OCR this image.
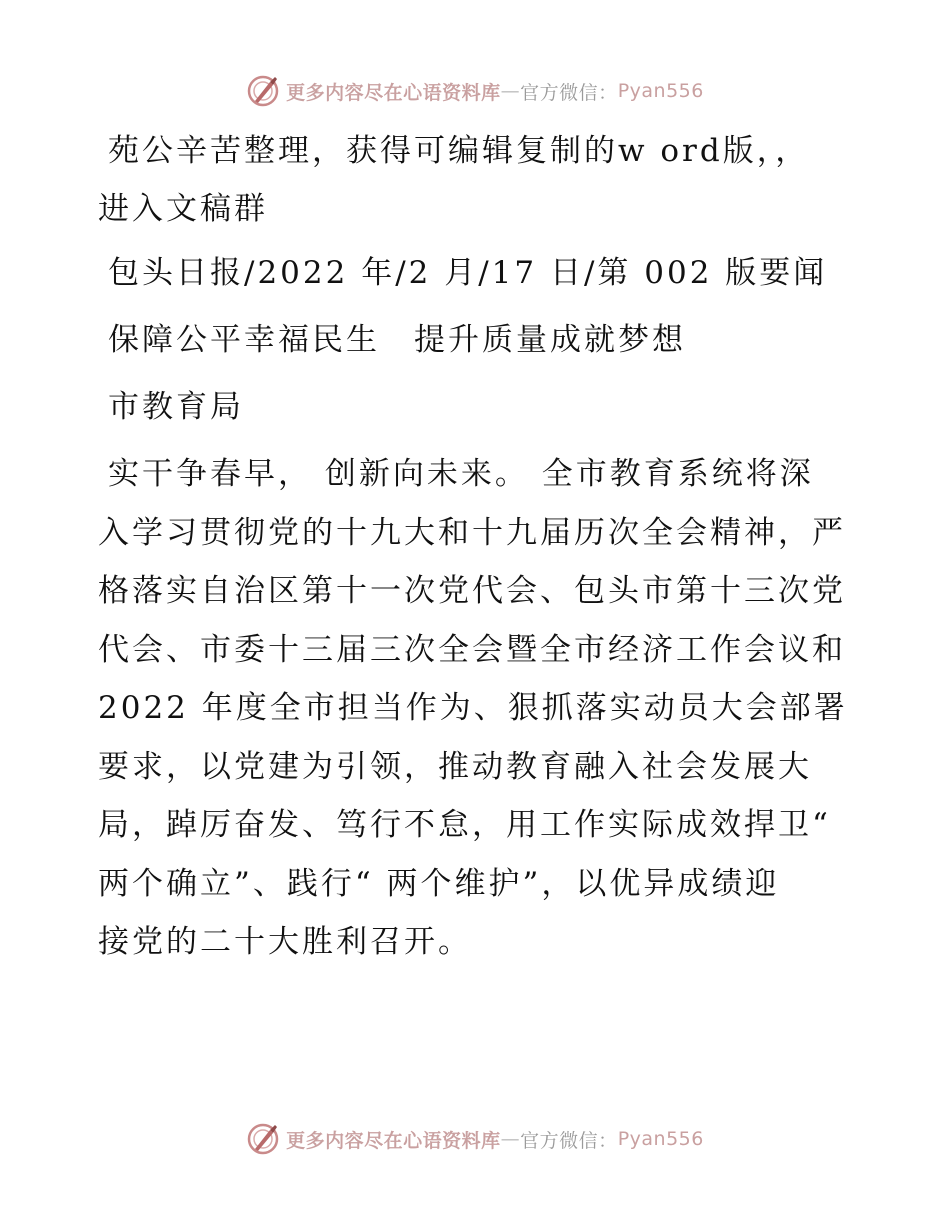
更多内容尽在心语资料库 — 官方微信： Pyan556

苑公辛苦整理，获得可编辑复制的w ord版，，

进入文稿群

包头日报/2022 年/2 月/17 日/第 002 版要闻

保障公平幸福民生　提升质量成就梦想

市教育局

实干争春早， 创新向未来。 全市教育系统将深

入学习贯彻党的十九大和十九届历次全会精神，严

格落实自治区第十一次党代会、包头市第十三次党

代会、市委十三届三次全会暨全市经济工作会议和

2022 年度全市担当作为、狠抓落实动员大会部署

要求，以党建为引领，推动教育融入社会发展大

局，踔厉奋发、笃行不怠，用工作实际成效捍卫“

两个确立”、践行“ 两个维护”，以优异成绩迎

接党的二十大胜利召开。

更多内容尽在心语资料库 — 官方微信： Pyan556
